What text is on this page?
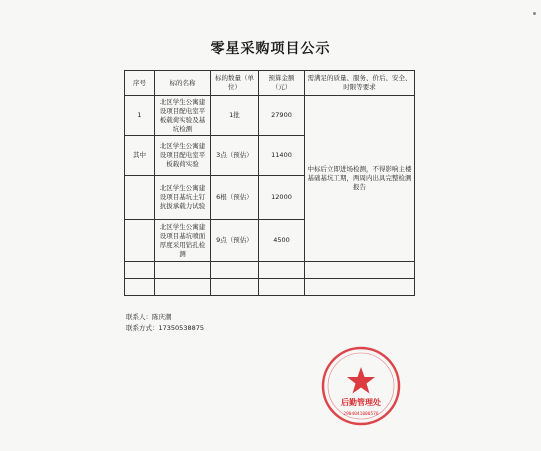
零星采购项目公示
序号	标的名称	标的数量（单位）	预算金额（元）	需满足的质量、服务、价后、安全、时限等要求
1	北区学生公寓建设项目配电室平板载荷实验及基坑检测	1批	27900	中标后立即进场检测，不得影响主楼基础基坑工期，两周内出具完整检测报告
其中	北区学生公寓建设项目配电室平板载荷实验	3点（预估）	11400	
	北区学生公寓建设项目基坑土钉抗拔承载力试验	6根（预估）	12000	
	北区学生公寓建设项目基坑喷面厚度采用钻孔检测	9点（预估）	4500	

联系人：陈庆潮
联系方式：17350538875
后勤管理处
2904041000576
